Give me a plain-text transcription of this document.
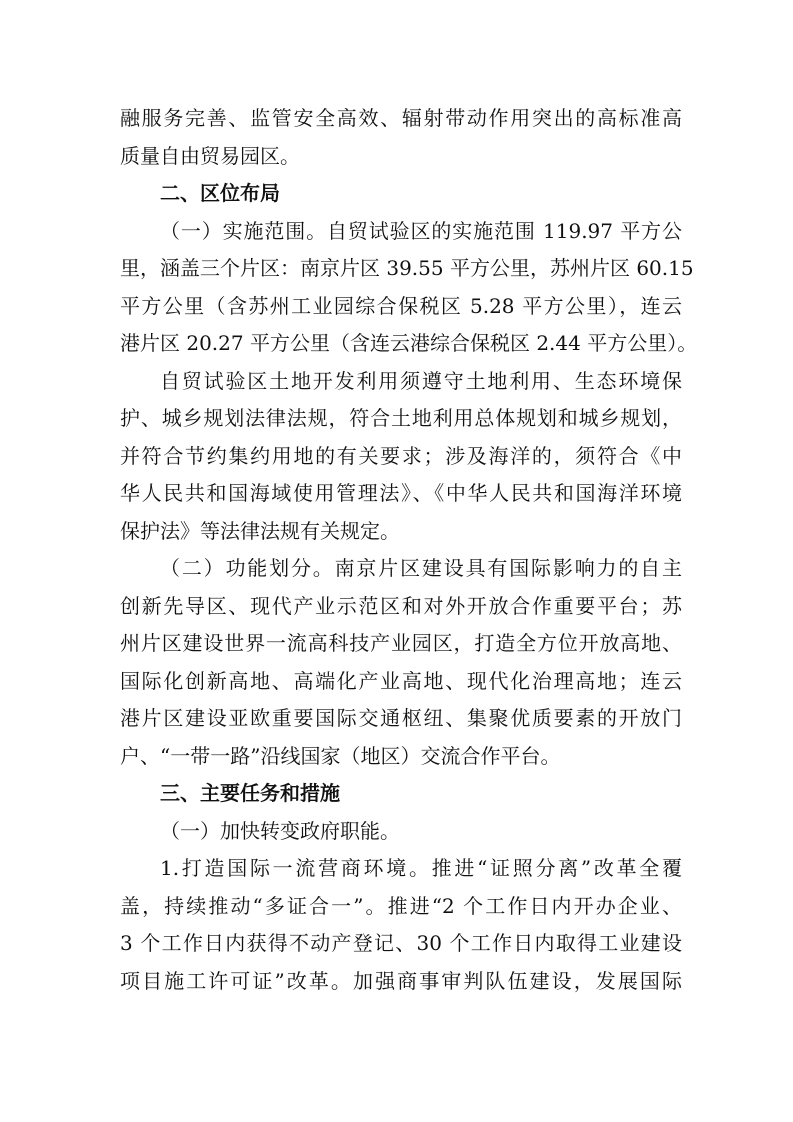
融服务完善、监管安全高效、辐射带动作用突出的高标准高
质量自由贸易园区。
二、区位布局
（一）实施范围。自贸试验区的实施范围 119.97 平方公
里，涵盖三个片区：南京片区 39.55 平方公里，苏州片区 60.15
平方公里（含苏州工业园综合保税区 5.28 平方公里），连云
港片区 20.27 平方公里（含连云港综合保税区 2.44 平方公里）。
自贸试验区土地开发利用须遵守土地利用、生态环境保
护、城乡规划法律法规，符合土地利用总体规划和城乡规划，
并符合节约集约用地的有关要求；涉及海洋的，须符合《中
华人民共和国海域使用管理法》、《中华人民共和国海洋环境
保护法》等法律法规有关规定。
（二）功能划分。南京片区建设具有国际影响力的自主
创新先导区、现代产业示范区和对外开放合作重要平台；苏
州片区建设世界一流高科技产业园区，打造全方位开放高地、
国际化创新高地、高端化产业高地、现代化治理高地；连云
港片区建设亚欧重要国际交通枢纽、集聚优质要素的开放门
户、“一带一路”沿线国家（地区）交流合作平台。
三、主要任务和措施
（一）加快转变政府职能。
1.打造国际一流营商环境。推进“证照分离”改革全覆
盖，持续推动“多证合一”。推进“2 个工作日内开办企业、
3 个工作日内获得不动产登记、30 个工作日内取得工业建设
项目施工许可证”改革。加强商事审判队伍建设，发展国际
